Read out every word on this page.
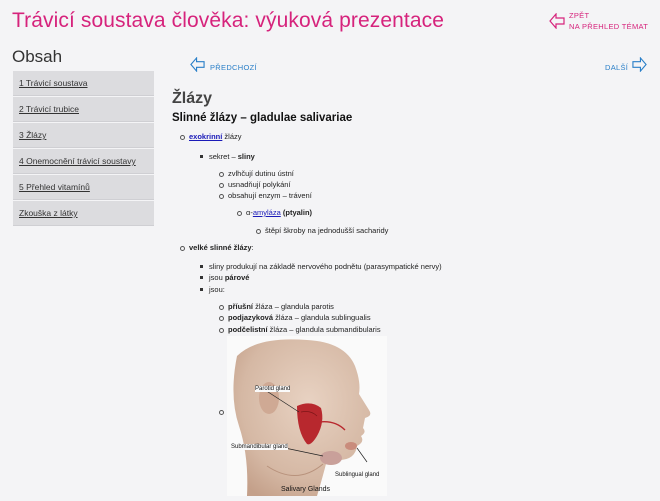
Trávicí soustava člověka: výuková prezentace	ZPĚT
NA PŘEHLED TÉMAT
Obsah
1 Trávicí soustava
2 Trávicí trubice
3 Žlázy
4 Onemocnění trávicí soustavy
5 Přehled vitamínů
Zkouška z látky
PŘEDCHOZÍ	DALŠÍ
Žlázy
Slinné žlázy – gladulae salivariae
exokrinní žlázy
sekret – sliny
zvlhčují dutinu ústní
usnadňují polykání
obsahují enzym – trávení
α-amyláza (ptyalin)
štěpí škroby na jednodušší sacharidy
velké slinné žlázy:
sliny produkují na základě nervového podnětu (parasympatické nervy)
jsou párové
jsou:
příušní žláza – glandula parotis
podjazyková žláza – glandula sublingualis
podčelistní žláza – glandula submandibularis
Parotid gland
Submandibular gland
Sublingual gland
Salivary Glands
